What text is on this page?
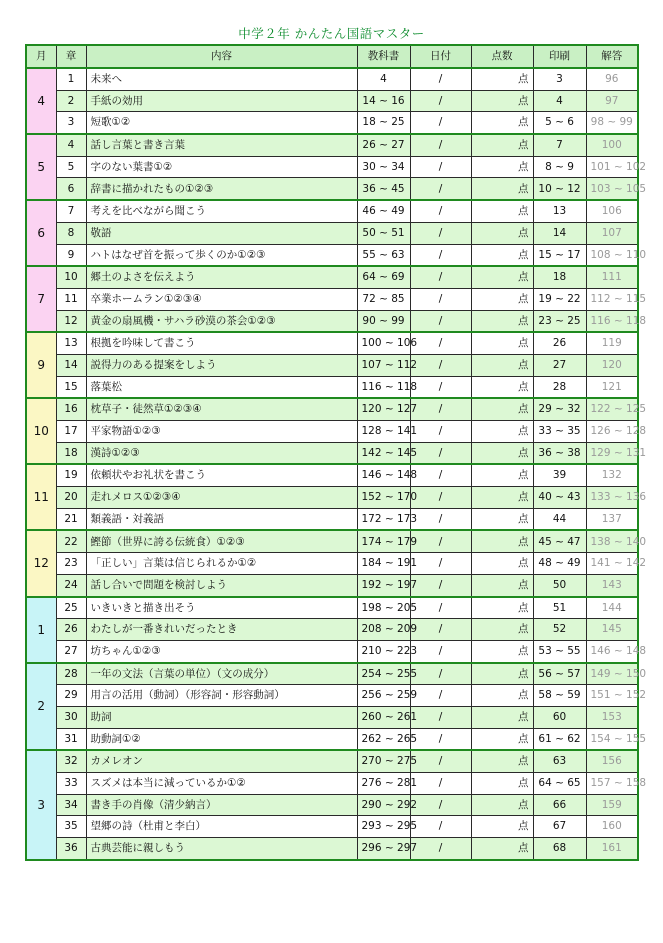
中学２年 かんたん国語マスター
月	章	内容	教科書	日付	点数	印刷	解答
4	1	未来へ	4	/	点	3	96
	2	手紙の効用	14 ~ 16	/	点	4	97
	3	短歌①②	18 ~ 25	/	点	5 ~ 6	98 ~ 99
5	4	話し言葉と書き言葉	26 ~ 27	/	点	7	100
	5	字のない葉書①②	30 ~ 34	/	点	8 ~ 9	101 ~ 102
	6	辞書に描かれたもの①②③	36 ~ 45	/	点	10 ~ 12	103 ~ 105
6	7	考えを比べながら聞こう	46 ~ 49	/	点	13	106
	8	敬語	50 ~ 51	/	点	14	107
	9	ハトはなぜ首を振って歩くのか①②③	55 ~ 63	/	点	15 ~ 17	108 ~ 110
7	10	郷土のよさを伝えよう	64 ~ 69	/	点	18	111
	11	卒業ホームラン①②③④	72 ~ 85	/	点	19 ~ 22	112 ~ 115
	12	黄金の扇風機・サハラ砂漠の茶会①②③	90 ~ 99	/	点	23 ~ 25	116 ~ 118
9	13	根拠を吟味して書こう	100 ~ 106	/	点	26	119
	14	説得力のある提案をしよう	107 ~ 112	/	点	27	120
	15	落葉松	116 ~ 118	/	点	28	121
10	16	枕草子・徒然草①②③④	120 ~ 127	/	点	29 ~ 32	122 ~ 125
	17	平家物語①②③	128 ~ 141	/	点	33 ~ 35	126 ~ 128
	18	漢詩①②③	142 ~ 145	/	点	36 ~ 38	129 ~ 131
11	19	依頼状やお礼状を書こう	146 ~ 148	/	点	39	132
	20	走れメロス①②③④	152 ~ 170	/	点	40 ~ 43	133 ~ 136
	21	類義語・対義語	172 ~ 173	/	点	44	137
12	22	鰹節（世界に誇る伝統食）①②③	174 ~ 179	/	点	45 ~ 47	138 ~ 140
	23	「正しい」言葉は信じられるか①②	184 ~ 191	/	点	48 ~ 49	141 ~ 142
	24	話し合いで問題を検討しよう	192 ~ 197	/	点	50	143
1	25	いきいきと描き出そう	198 ~ 205	/	点	51	144
	26	わたしが一番きれいだったとき	208 ~ 209	/	点	52	145
	27	坊ちゃん①②③	210 ~ 223	/	点	53 ~ 55	146 ~ 148
2	28	一年の文法（言葉の単位）（文の成分）	254 ~ 255	/	点	56 ~ 57	149 ~ 150
	29	用言の活用（動詞）（形容詞・形容動詞）	256 ~ 259	/	点	58 ~ 59	151 ~ 152
	30	助詞	260 ~ 261	/	点	60	153
	31	助動詞①②	262 ~ 265	/	点	61 ~ 62	154 ~ 155
3	32	カメレオン	270 ~ 275	/	点	63	156
	33	スズメは本当に減っているか①②	276 ~ 281	/	点	64 ~ 65	157 ~ 158
	34	書き手の肖像（清少納言）	290 ~ 292	/	点	66	159
	35	望郷の詩（杜甫と李白）	293 ~ 295	/	点	67	160
	36	古典芸能に親しもう	296 ~ 297	/	点	68	161
